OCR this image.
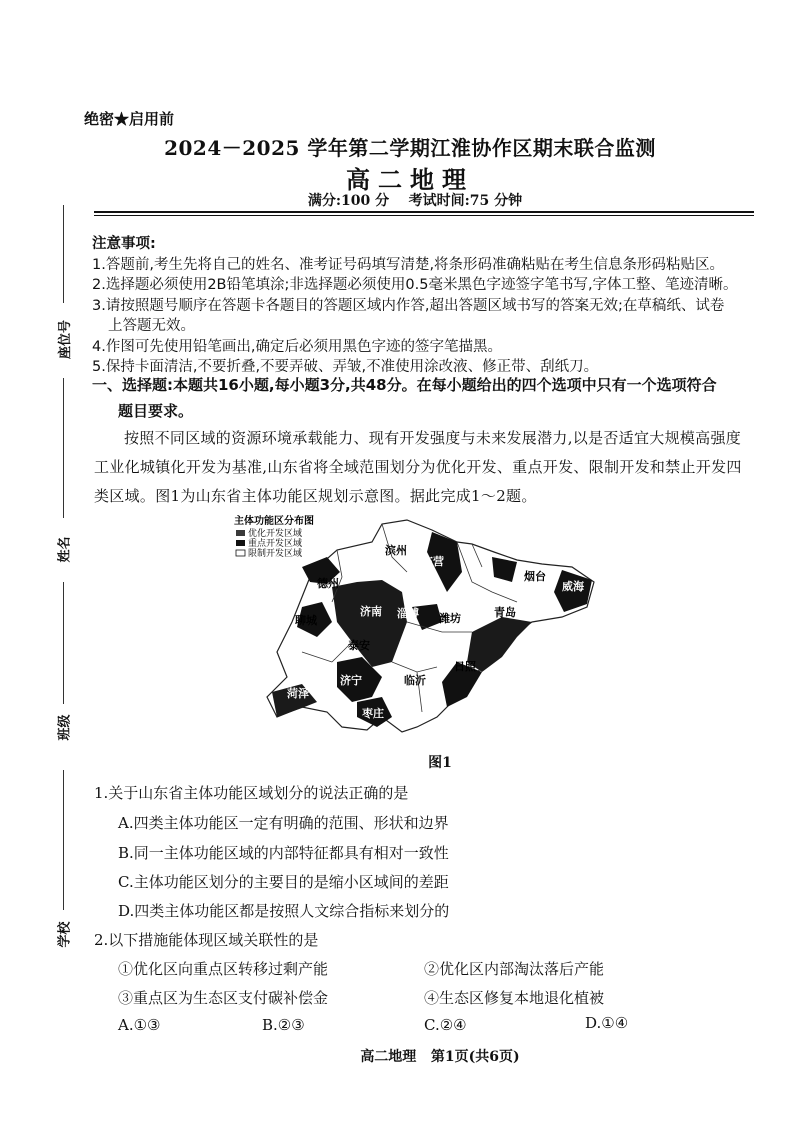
座位号
姓名
班级
学校
绝密★启用前
2024－2025 学年第二学期江淮协作区期末联合监测
高二地理
满分:100 分    考试时间:75 分钟
注意事项:
1.答题前,考生先将自己的姓名、准考证号码填写清楚,将条形码准确粘贴在考生信息条形码粘贴区。
2.选择题必须使用2B铅笔填涂;非选择题必须使用0.5毫米黑色字迹签字笔书写,字体工整、笔迹清晰。
3.请按照题号顺序在答题卡各题目的答题区域内作答,超出答题区域书写的答案无效;在草稿纸、试卷
上答题无效。
4.作图可先使用铅笔画出,确定后必须用黑色字迹的签字笔描黑。
5.保持卡面清洁,不要折叠,不要弄破、弄皱,不准使用涂改液、修正带、刮纸刀。
一、选择题:本题共16小题,每小题3分,共48分。在每小题给出的四个选项中只有一个选项符合
题目要求。
按照不同区域的资源环境承载能力、现有开发强度与未来发展潜力,以是否适宜大规模高强度
工业化城镇化开发为基准,山东省将全域范围划分为优化开发、重点开发、限制开发和禁止开发四
类区域。图1为山东省主体功能区规划示意图。据此完成1～2题。
主体功能区分布图
优化开发区域
重点开发区域
限制开发区域	滨州
东营
德州
烟台
威海
聊城
济南 淄博 潍坊	青岛
泰安
日照
临沂
菏泽
济宁
枣庄
图1
1.关于山东省主体功能区域划分的说法正确的是
A.四类主体功能区一定有明确的范围、形状和边界
B.同一主体功能区域的内部特征都具有相对一致性
C.主体功能区划分的主要目的是缩小区域间的差距
D.四类主体功能区都是按照人文综合指标来划分的
2.以下措施能体现区域关联性的是
①优化区向重点区转移过剩产能	②优化区内部淘汰落后产能
③重点区为生态区支付碳补偿金	④生态区修复本地退化植被
A.①③	B.②③	C.②④	D.①④
高二地理   第1页(共6页)
